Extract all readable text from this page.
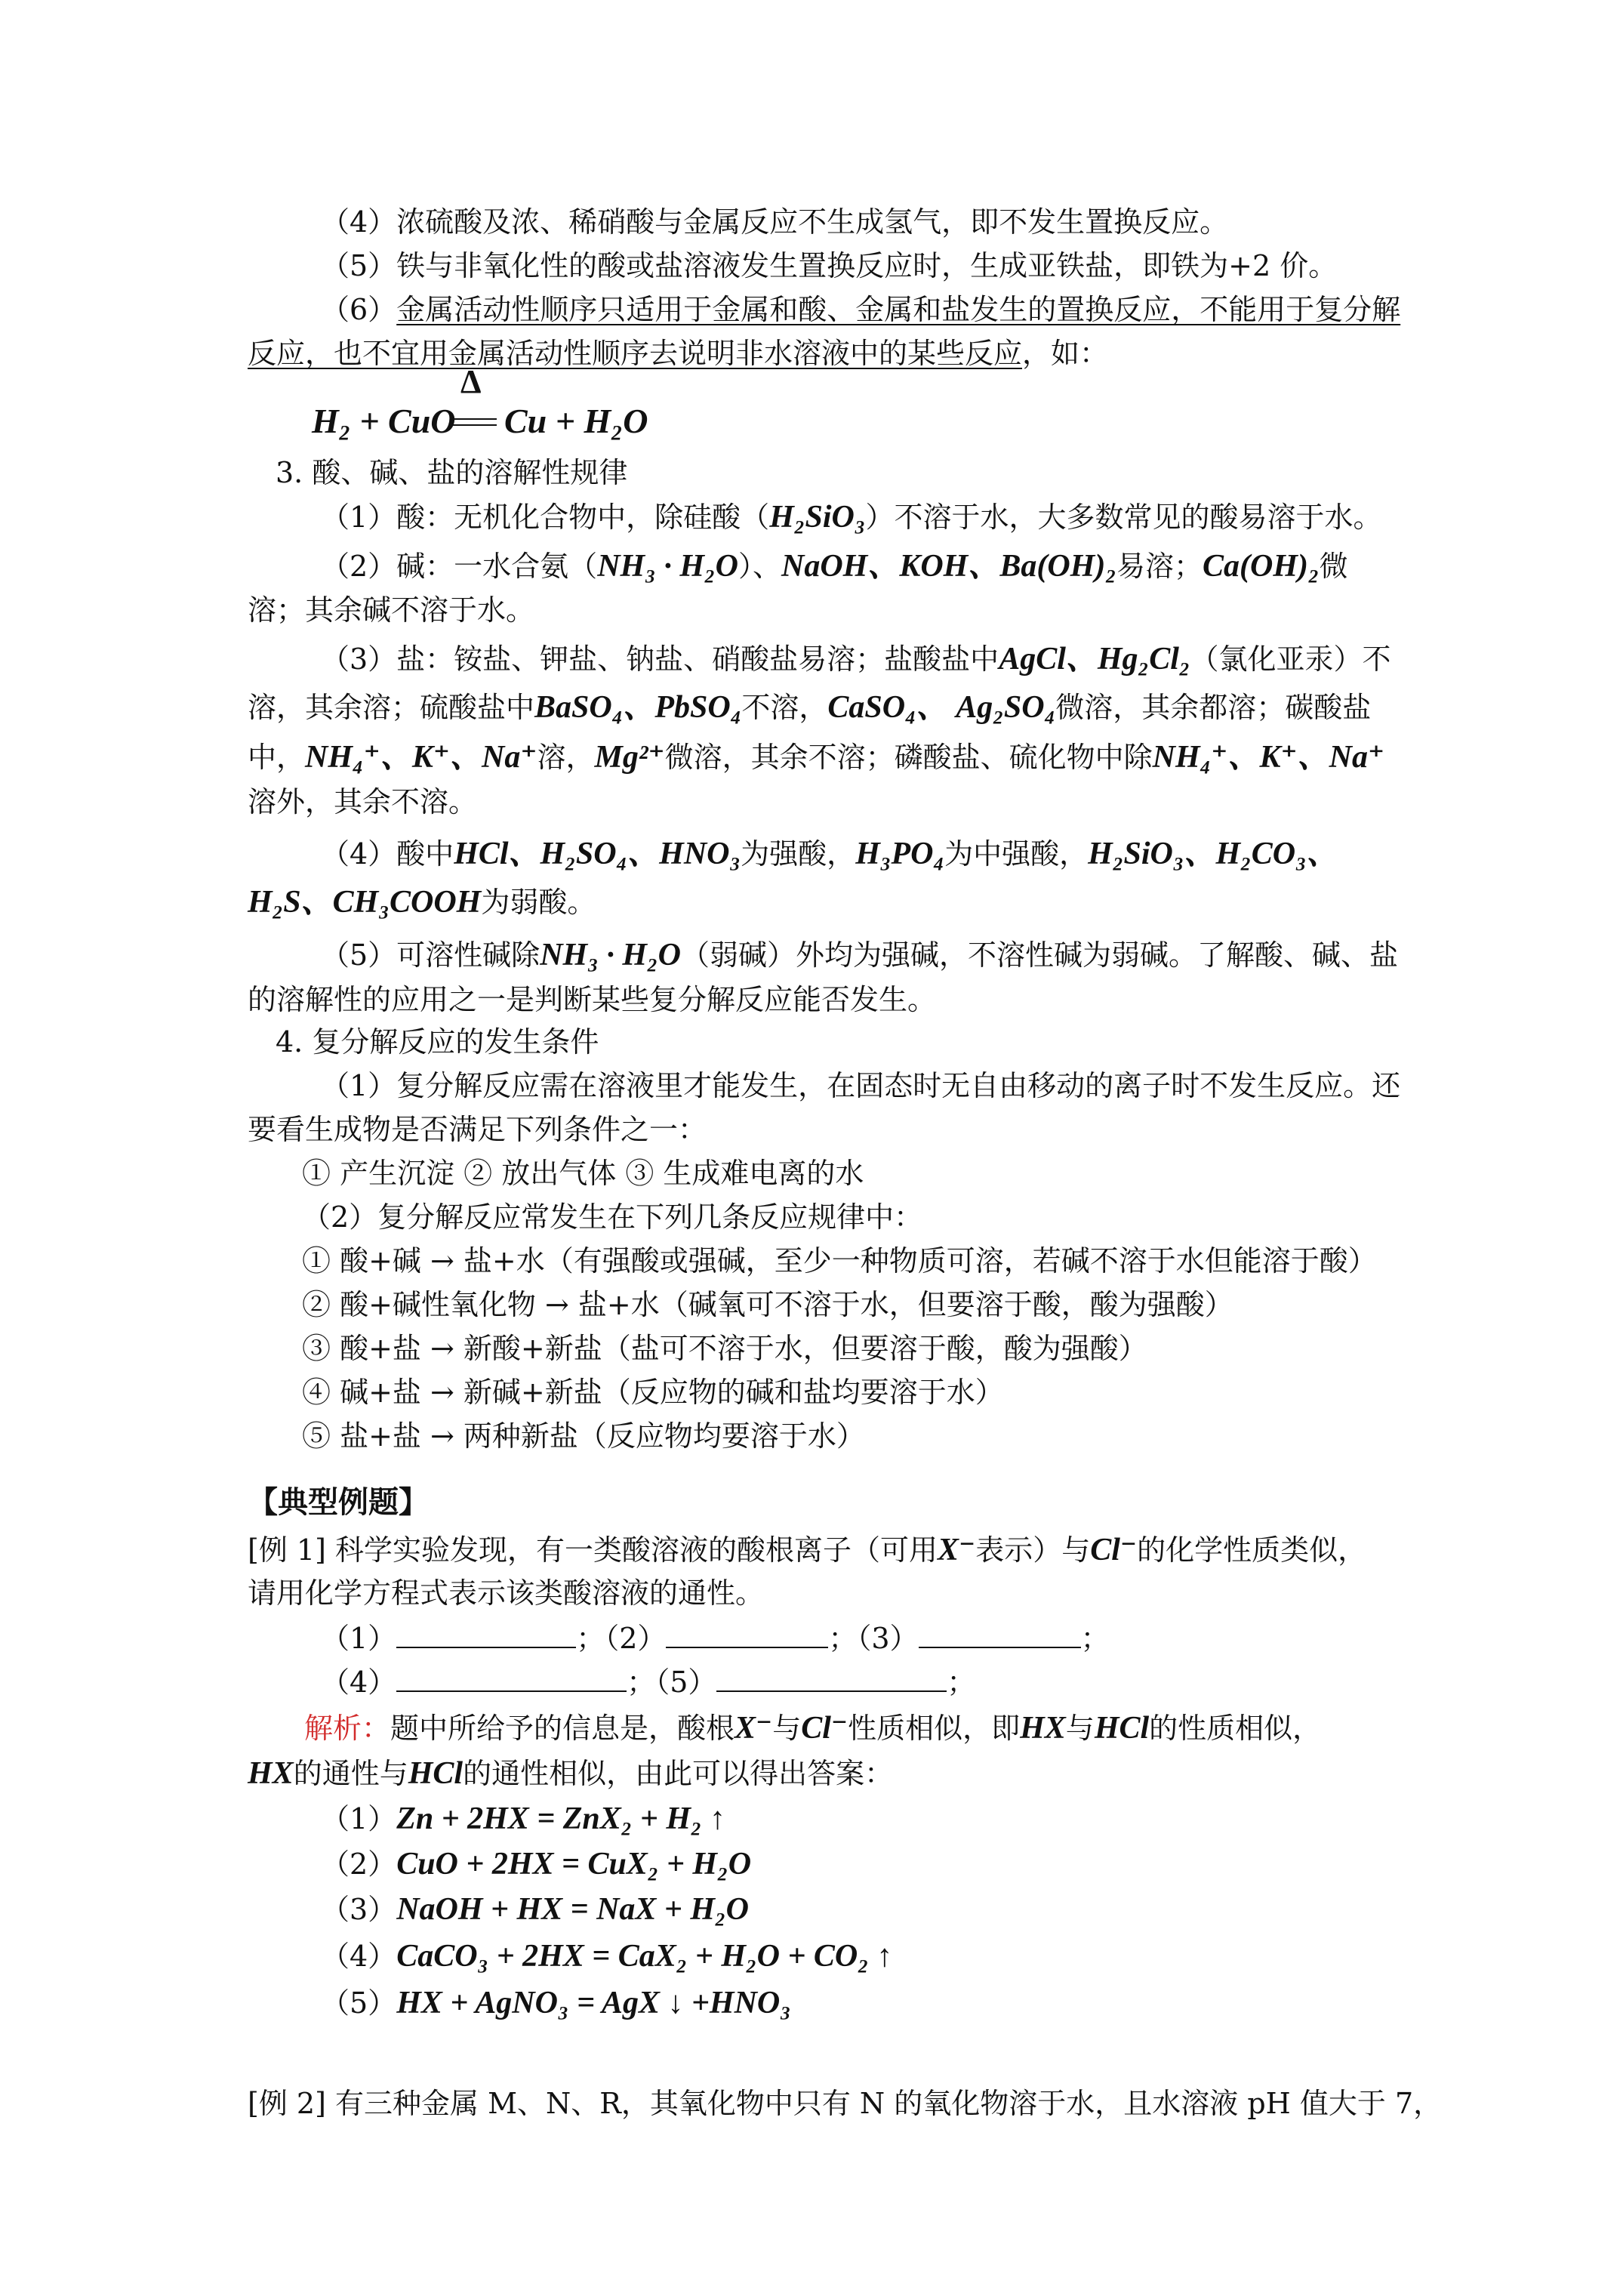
（4）浓硫酸及浓、稀硝酸与金属反应不生成氢气，即不发生置换反应。
（5）铁与非氧化性的酸或盐溶液发生置换反应时，生成亚铁盐，即铁为+2 价。
（6）金属活动性顺序只适用于金属和酸、金属和盐发生的置换反应，不能用于复分解
反应，也不宜用金属活动性顺序去说明非水溶液中的某些反应，如：
H₂ + CuO
Δ
Cu + H₂O
3. 酸、碱、盐的溶解性规律
（1）酸：无机化合物中，除硅酸（H₂SiO₃）不溶于水，大多数常见的酸易溶于水。
（2）碱：一水合氨（NH₃ · H₂O）、NaOH、KOH、Ba(OH)₂易溶；Ca(OH)₂微
溶；其余碱不溶于水。
（3）盐：铵盐、钾盐、钠盐、硝酸盐易溶；盐酸盐中AgCl、Hg₂Cl₂（氯化亚汞）不
溶，其余溶；硫酸盐中BaSO₄、PbSO₄不溶，CaSO₄、 Ag₂SO₄微溶，其余都溶；碳酸盐
中，NH₄⁺、K⁺、Na⁺溶，Mg²⁺微溶，其余不溶；磷酸盐、硫化物中除NH₄⁺、K⁺、Na⁺
溶外，其余不溶。
（4）酸中HCl、H₂SO₄、HNO₃为强酸，H₃PO₄为中强酸，H₂SiO₃、H₂CO₃、
H₂S、CH₃COOH为弱酸。
（5）可溶性碱除NH₃ · H₂O（弱碱）外均为强碱，不溶性碱为弱碱。了解酸、碱、盐
的溶解性的应用之一是判断某些复分解反应能否发生。
4. 复分解反应的发生条件
（1）复分解反应需在溶液里才能发生，在固态时无自由移动的离子时不发生反应。还
要看生成物是否满足下列条件之一：
① 产生沉淀 ② 放出气体 ③ 生成难电离的水
（2）复分解反应常发生在下列几条反应规律中：
① 酸+碱 → 盐+水（有强酸或强碱，至少一种物质可溶，若碱不溶于水但能溶于酸）
② 酸+碱性氧化物 → 盐+水（碱氧可不溶于水，但要溶于酸，酸为强酸）
③ 酸+盐 → 新酸+新盐（盐可不溶于水，但要溶于酸，酸为强酸）
④ 碱+盐 → 新碱+新盐（反应物的碱和盐均要溶于水）
⑤ 盐+盐 → 两种新盐（反应物均要溶于水）
【典型例题】
[例 1] 科学实验发现，有一类酸溶液的酸根离子（可用X⁻表示）与Cl⁻的化学性质类似，
请用化学方程式表示该类酸溶液的通性。
（1）	；（2）	；（3）	；
（4）	；（5）	；
解析：题中所给予的信息是，酸根X⁻与Cl⁻性质相似，即HX与HCl的性质相似，
HX的通性与HCl的通性相似，由此可以得出答案：
（1）Zn + 2HX = ZnX₂ + H₂ ↑
（2）CuO + 2HX = CuX₂ + H₂O
（3）NaOH + HX = NaX + H₂O
（4）CaCO₃ + 2HX = CaX₂ + H₂O + CO₂ ↑
（5）HX + AgNO₃ = AgX ↓ +HNO₃
[例 2] 有三种金属 M、N、R，其氧化物中只有 N 的氧化物溶于水，且水溶液 pH 值大于 7，
